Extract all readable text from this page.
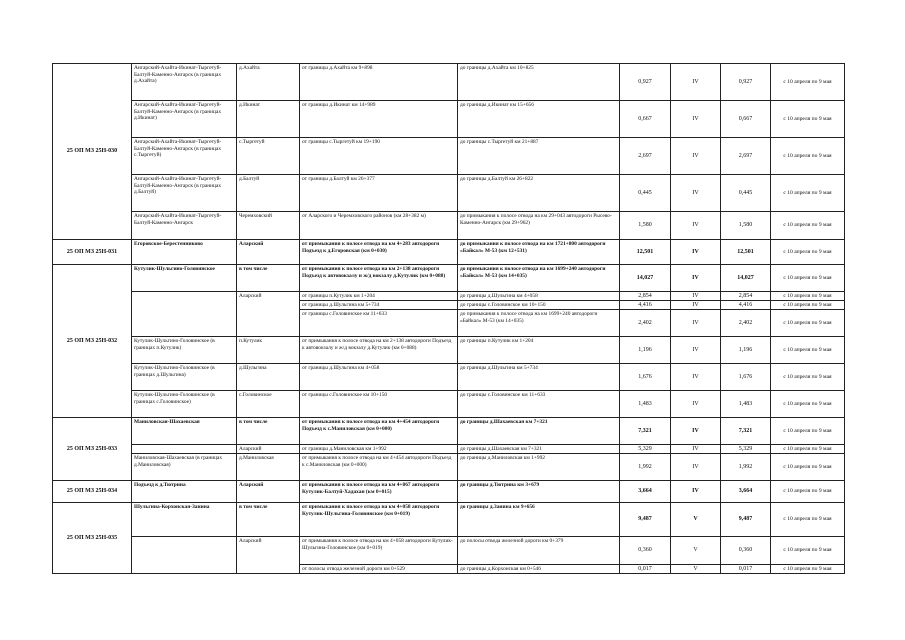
25 ОП МЗ 25Н-030	Ангарский-Ахайта-Икинат-Тыргетуй-Балтуй-Каменно-Ангарск (в границах д.Ахайта)	д.Ахайта	от границы д.Ахайта км 9+898	до границы д.Ахайта км 10+825	0,927	IV	0,927	с 10 апреля по 9 мая
	Ангарский-Ахайта-Икинат-Тыргетуй-Балтуй-Каменно-Ангарск (в границах д.Икинат)	д.Икинат	от границы д.Икинат км 14+989	до границы д.Икинат км 15+656	0,667	IV	0,667	с 10 апреля по 9 мая
	Ангарский-Ахайта-Икинат-Тыргетуй-Балтуй-Каменно-Ангарск (в границах с.Тыргетуй)	с.Тыргетуй	от границы с.Тыргетуй км 19+190	до границы с.Тыргетуй км 21+887	2,697	IV	2,697	с 10 апреля по 9 мая
	Ангарский-Ахайта-Икинат-Тыргетуй-Балтуй-Каменно-Ангарск (в границах д.Балтуй)	д.Балтуй	от границы д.Балтуй км 26+377	до границы д.Балтуй км 26+822	0,445	IV	0,445	с 10 апреля по 9 мая
	Ангарский-Ахайта-Икинат-Тыргетуй-Балтуй-Каменно-Ангарск	Черемховский	от Аларского и Черемховского районов (км 28+382 м)	до примыкания к полосе отвода на км 29+043 автодороги Рысево-Каменно-Ангарск (км 29+962)	1,580	IV	1,580	с 10 апреля по 9 мая
25 ОП МЗ 25Н-031	Егоровское-Берестенниково	Аларский	от примыкания к полосе отвода на км 4+283 автодороги Подъезд к д.Егоровская (км 0+030)	до примыкания к полосе отвода на км 1721+800 автодороги «Байкал» М-53 (км 12+531)	12,501	IV	12,501	с 10 апреля по 9 мая
25 ОП МЗ 25Н-032	Кутулик-Шульгино-Головинское	в том числе	от примыкания к полосе отвода на км 2+138 автодороги Подъезд к автовокзалу и ж/д вокзалу д.Кутулик (км 0+088)	до примыкания к полосе отвода на км 1699+240 автодороги «Байкал» М-53 (км 14+035)	14,027	IV	14,027	с 10 апреля по 9 мая
		Аларский	от границы п.Кутулик км 1+204	до границы д.Шульгина км 4+058	2,854	IV	2,854	с 10 апреля по 9 мая
			от границы д.Шульгина км 5+734	до границы с.Головинское км 10+150	4,416	IV	4,416	с 10 апреля по 9 мая
			от границы с.Головинское км 11+633	до примыкания к полосе отвода на км 1699+240 автодороги «Байкал» М-53 (км 14+035)	2,402	IV	2,402	с 10 апреля по 9 мая
	Кутулик-Шульгино-Головинское (в границах п.Кутулик)	п.Кутулик	от примыкания к полосе отвода на км 2+138 автодороги Подъезд к автовокзалу и ж/д вокзалу д.Кутулик (км 0+088)	до границы п.Кутулик км 1+204	1,196	IV	1,196	с 10 апреля по 9 мая
	Кутулик-Шульгино-Головинское (в границах д.Шульгина)	д.Шульгина	от границы д.Шульгина км 4+058	до границы д.Шульгина км 5+734	1,676	IV	1,676	с 10 апреля по 9 мая
	Кутулик-Шульгино-Головинское (в границах с.Головинское)	с.Головинское	от границы с.Головинское км 10+150	до границы с.Головинское км 11+633	1,483	IV	1,483	с 10 апреля по 9 мая
25 ОП МЗ 25Н-033	Маниловская-Шахаевская	в том числе	от примыкания к полосе отвода на км 4+454 автодороги Подъезд к с.Маниловская (км 0+000)	до границы д.Шахаевская км 7+321	7,321	IV	7,321	с 10 апреля по 9 мая
		Аларский	от границы д.Маниловская км 1+992	до границы д.Шахаевская км 7+321	5,329	IV	5,329	с 10 апреля по 9 мая
	Маниловская-Шахаевская (в границах д.Маниловская)	д.Маниловская	от примыкания к полосе отвода на км 4+454 автодороги Подъезд к с.Маниловская (км 0+000)	до границы д.Маниловская км 1+992	1,992	IV	1,992	с 10 апреля по 9 мая
25 ОП МЗ 25Н-034	Подъезд к д.Тютрина	Аларский	от примыкания к полосе отвода на км 4+867 автодороги Кутулик-Балтуй-Хадахан (км 0+015)	до границы д.Тютрина км 3+679	3,664	IV	3,664	с 10 апреля по 9 мая
25 ОП МЗ 25Н-035	Шульгина-Корхонская-Занина	в том числе	от примыкания к полосе отвода на км 4+058 автодороги Кутулик-Шульгина-Головинское (км 0+019)	до границы д.Занина км 9+656	9,487	V	9,487	с 10 апреля по 9 мая
		Аларский	от примыкания к полосе отвода на км 4+058 автодороги Кутулик-Шульгина-Головинское (км 0+019)	до полосы отвода железной дороги км 0+379	0,360	V	0,360	с 10 апреля по 9 мая
			от полосы отвода железной дороги км 0+529	до границы д.Корхонская км 0+546	0,017	V	0,017	с 10 апреля по 9 мая
